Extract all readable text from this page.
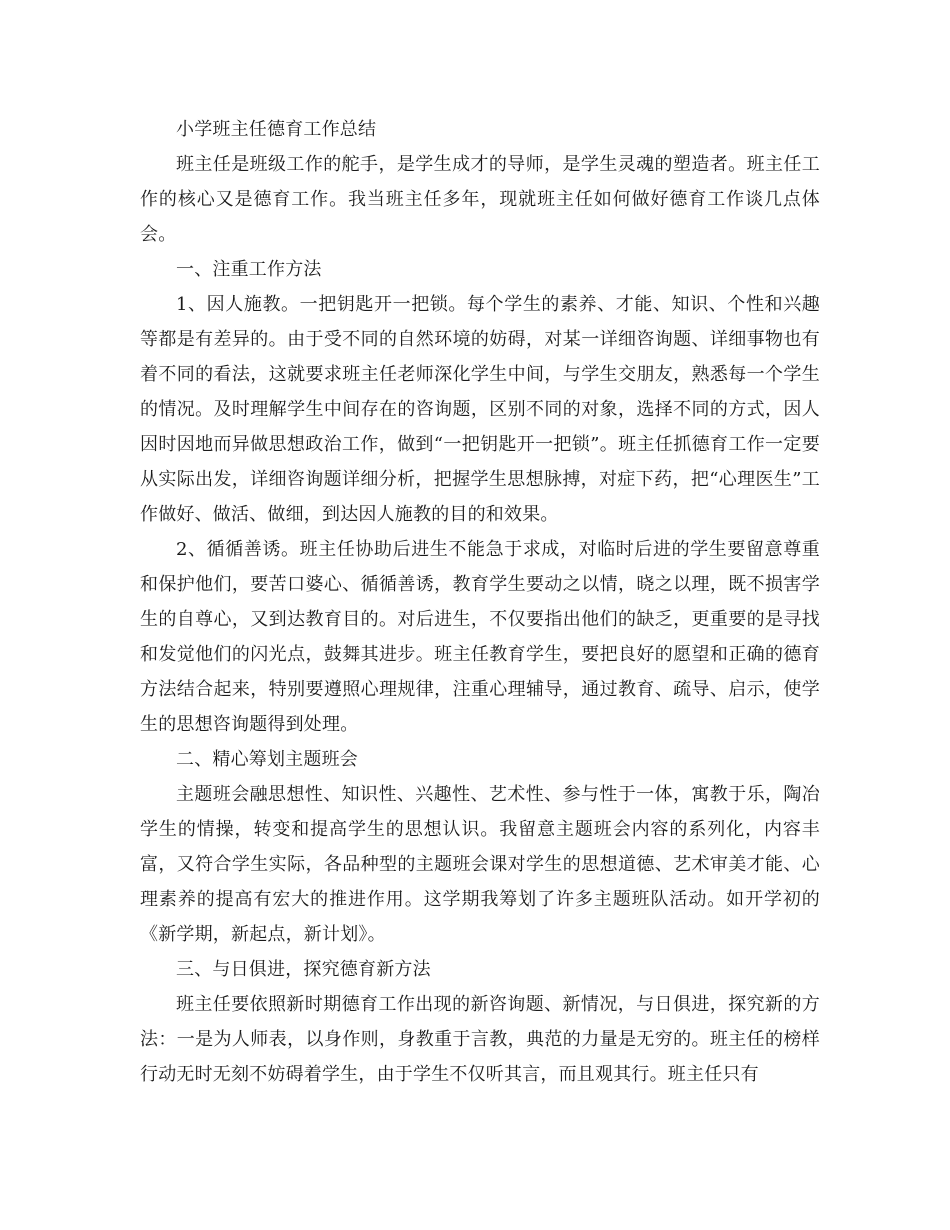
小学班主任德育工作总结

班主任是班级工作的舵手，是学生成才的导师，是学生灵魂的塑造者。班主任工作的核心又是德育工作。我当班主任多年，现就班主任如何做好德育工作谈几点体会。

一、注重工作方法

1、因人施教。一把钥匙开一把锁。每个学生的素养、才能、知识、个性和兴趣等都是有差异的。由于受不同的自然环境的妨碍，对某一详细咨询题、详细事物也有着不同的看法，这就要求班主任老师深化学生中间，与学生交朋友，熟悉每一个学生的情况。及时理解学生中间存在的咨询题，区别不同的对象，选择不同的方式，因人因时因地而异做思想政治工作，做到“一把钥匙开一把锁”。班主任抓德育工作一定要从实际出发，详细咨询题详细分析，把握学生思想脉搏，对症下药，把“心理医生”工作做好、做活、做细，到达因人施教的目的和效果。

2、循循善诱。班主任协助后进生不能急于求成，对临时后进的学生要留意尊重和保护他们，要苦口婆心、循循善诱，教育学生要动之以情，晓之以理，既不损害学生的自尊心，又到达教育目的。对后进生，不仅要指出他们的缺乏，更重要的是寻找和发觉他们的闪光点，鼓舞其进步。班主任教育学生，要把良好的愿望和正确的德育方法结合起来，特别要遵照心理规律，注重心理辅导，通过教育、疏导、启示，使学生的思想咨询题得到处理。

二、精心筹划主题班会

主题班会融思想性、知识性、兴趣性、艺术性、参与性于一体，寓教于乐，陶冶学生的情操，转变和提高学生的思想认识。我留意主题班会内容的系列化，内容丰富，又符合学生实际，各品种型的主题班会课对学生的思想道德、艺术审美才能、心理素养的提高有宏大的推进作用。这学期我筹划了许多主题班队活动。如开学初的《新学期，新起点，新计划》。

三、与日俱进，探究德育新方法

班主任要依照新时期德育工作出现的新咨询题、新情况，与日俱进，探究新的方法：一是为人师表，以身作则，身教重于言教，典范的力量是无穷的。班主任的榜样行动无时无刻不妨碍着学生，由于学生不仅听其言，而且观其行。班主任只有
